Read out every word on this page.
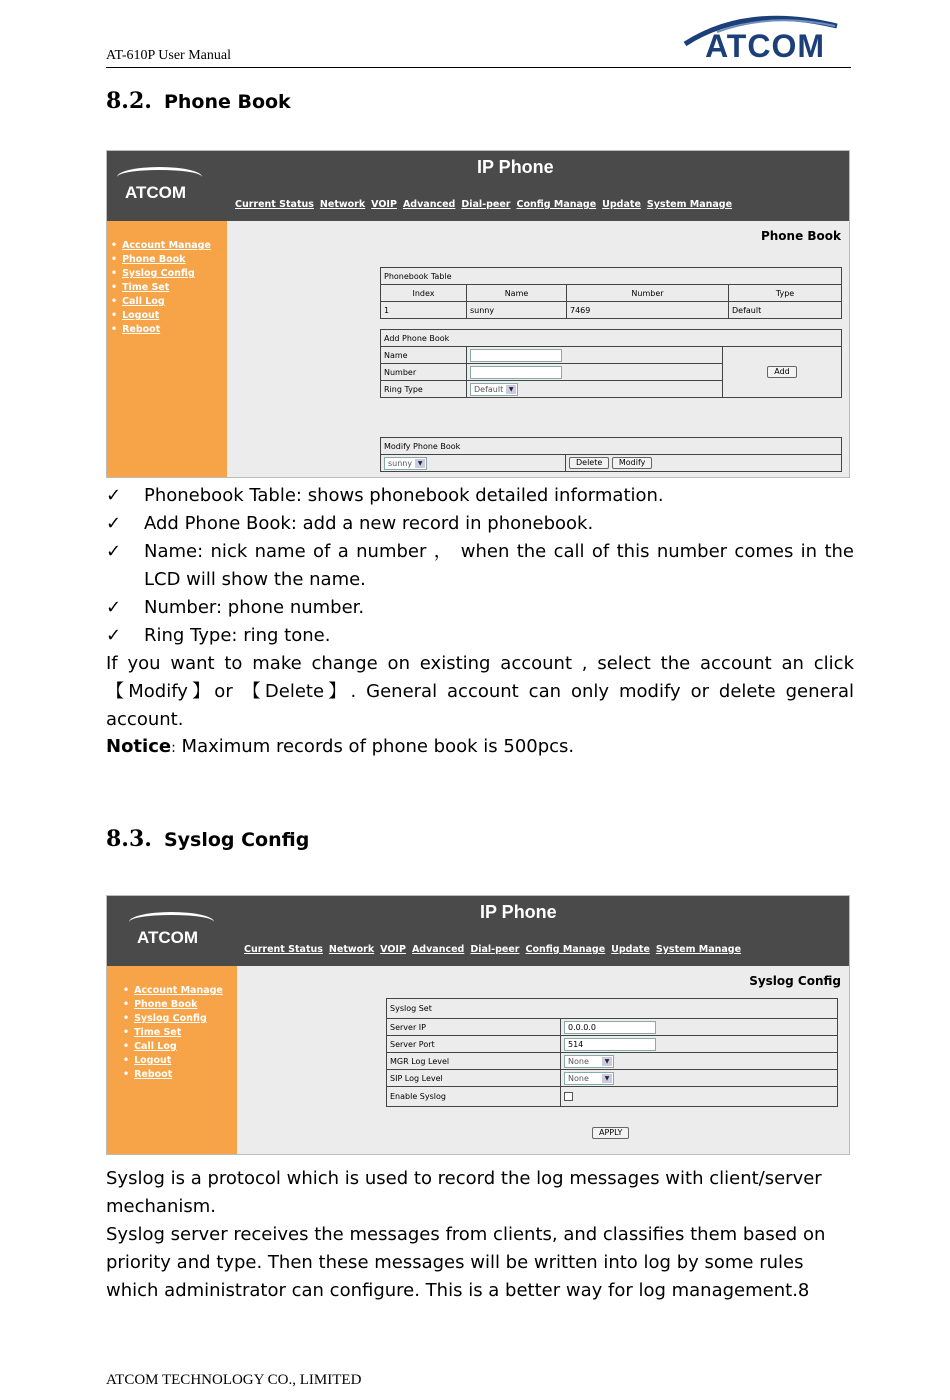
AT-610P User Manual	ATCOM
8.2. Phone Book
ATCOM
IP Phone
Current Status Network VOIP Advanced Dial-peer Config Manage Update System Manage
• Account Manage
• Phone Book
• Syslog Config
• Time Set
• Call Log
• Logout
• Reboot
Phone Book
Phonebook Table			
Index	Name	Number	Type
1	sunny	7469	Default
Add Phone Book		
Name		Add
Number		
Ring Type	Default ▼	
Modify Phone Book
sunny ▼	Delete Modify
✓ Phonebook Table: shows phonebook detailed information.
✓ Add Phone Book: add a new record in phonebook.
✓ Name: nick name of a number ， when the call of this number comes in the LCD will show the name.
✓ Number: phone number.
✓ Ring Type: ring tone.
If you want to make change on existing account , select the account an click 【Modify】or 【Delete】. General account can only modify or delete general account.
Notice: Maximum records of phone book is 500pcs.
8.3. Syslog Config
ATCOM
IP Phone
Current Status Network VOIP Advanced Dial-peer Config Manage Update System Manage
• Account Manage
• Phone Book
• Syslog Config
• Time Set
• Call Log
• Logout
• Reboot
Syslog Config
Syslog Set	
Server IP	0.0.0.0
Server Port	514
MGR Log Level	None ▼

SIP Log Level	None ▼

Enable Syslog	
APPLY
Syslog is a protocol which is used to record the log messages with client/server mechanism.
Syslog server receives the messages from clients, and classifies them based on priority and type. Then these messages will be written into log by some rules which administrator can configure. This is a better way for log management.8
ATCOM TECHNOLOGY CO., LIMITED
